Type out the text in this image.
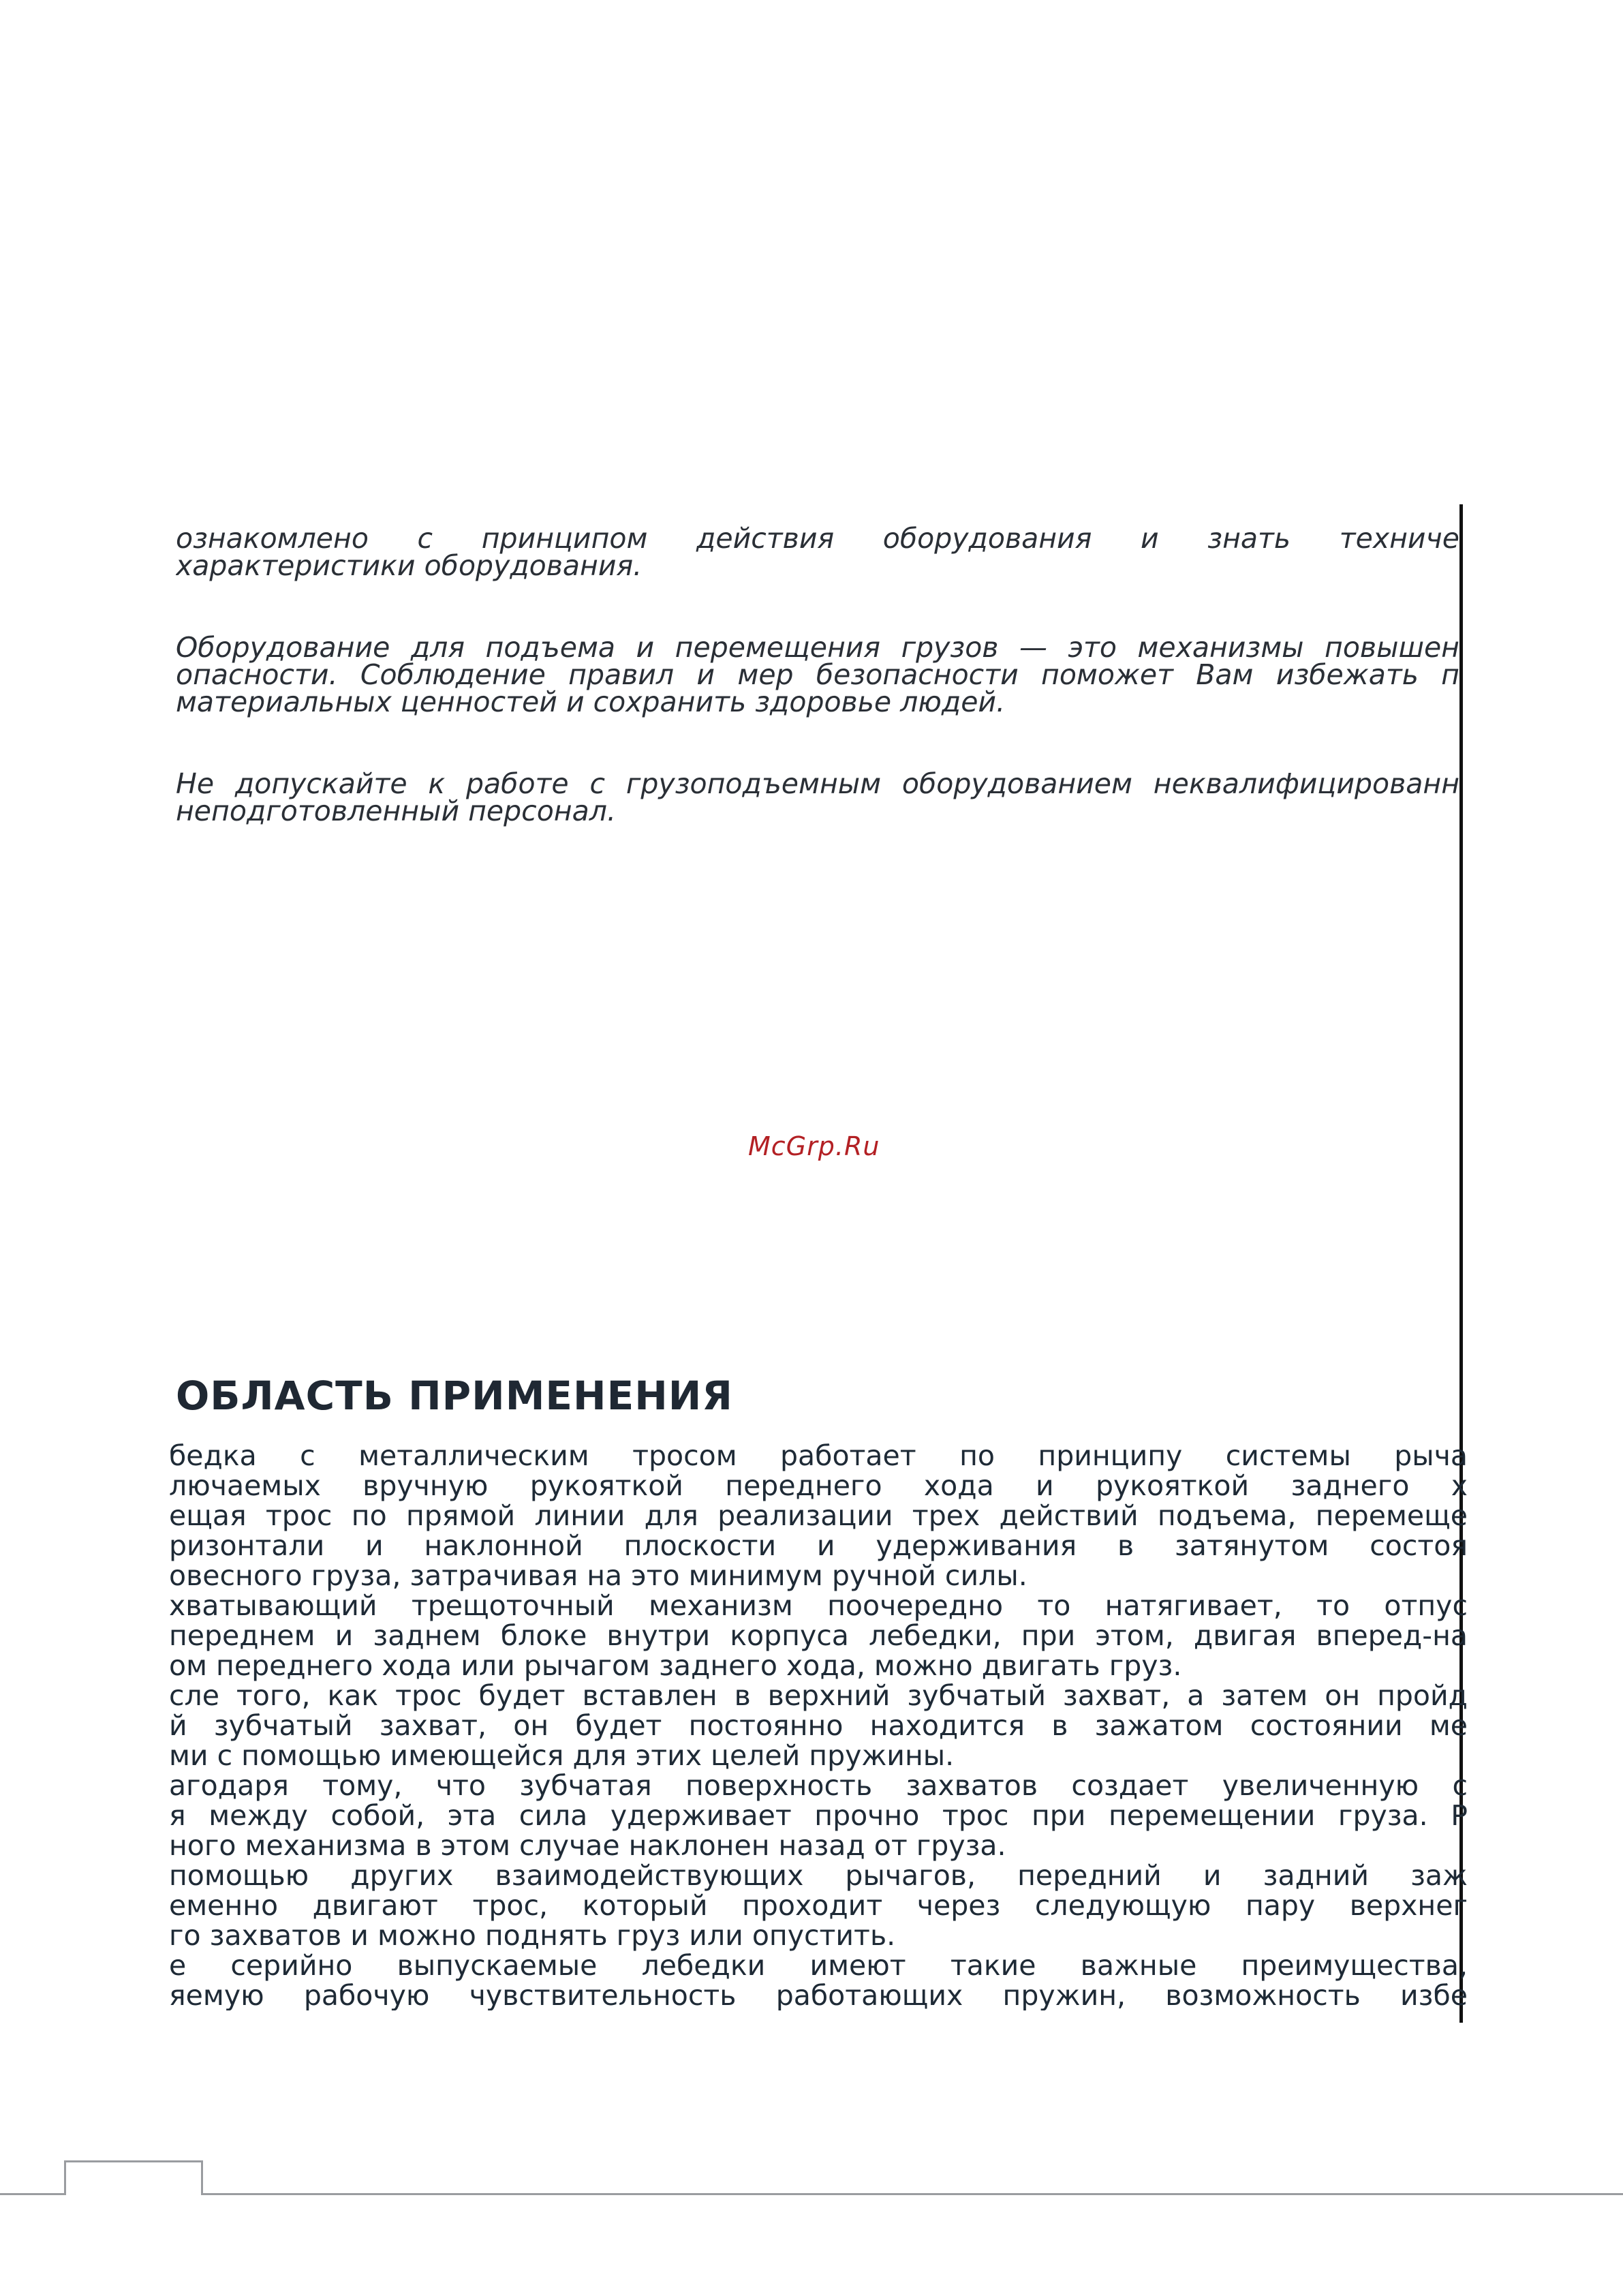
ознакомлено с принципом действия оборудования и знать техниче
характеристики оборудования.

Оборудование для подъема и перемещения грузов — это механизмы повышен
опасности. Соблюдение правил и мер безопасности поможет Вам избежать п
материальных ценностей и сохранить здоровье людей.

Не допускайте к работе с грузоподъемным оборудованием неквалифицированн
неподготовленный персонал.

McGrp.Ru
ОБЛАСТЬ ПРИМЕНЕНИЯ
бедка с металлическим тросом работает по принципу системы рыча
лючаемых вручную рукояткой переднего хода и рукояткой заднего х
ещая трос по прямой линии для реализации трех действий подъема, перемеще
ризонтали и наклонной плоскости и удерживания в затянутом состоя
овесного груза, затрачивая на это минимум ручной силы.
хватывающий трещоточный механизм поочередно то натягивает, то отпус
переднем и заднем блоке внутри корпуса лебедки, при этом, двигая вперед-на
ом переднего хода или рычагом заднего хода, можно двигать груз.
сле того, как трос будет вставлен в верхний зубчатый захват, а затем он пройд
й зубчатый захват, он будет постоянно находится в зажатом состоянии ме
ми с помощью имеющейся для этих целей пружины.
агодаря тому, что зубчатая поверхность захватов создает увеличенную с
я между собой, эта сила удерживает прочно трос при перемещении груза. Р
ного механизма в этом случае наклонен назад от груза.
помощью других взаимодействующих рычагов, передний и задний заж
еменно двигают трос, который проходит через следующую пару верхнег
го захватов и можно поднять груз или опустить.
е серийно выпускаемые лебедки имеют такие важные преимущества,
яемую рабочую чувствительность работающих пружин, возможность избе
